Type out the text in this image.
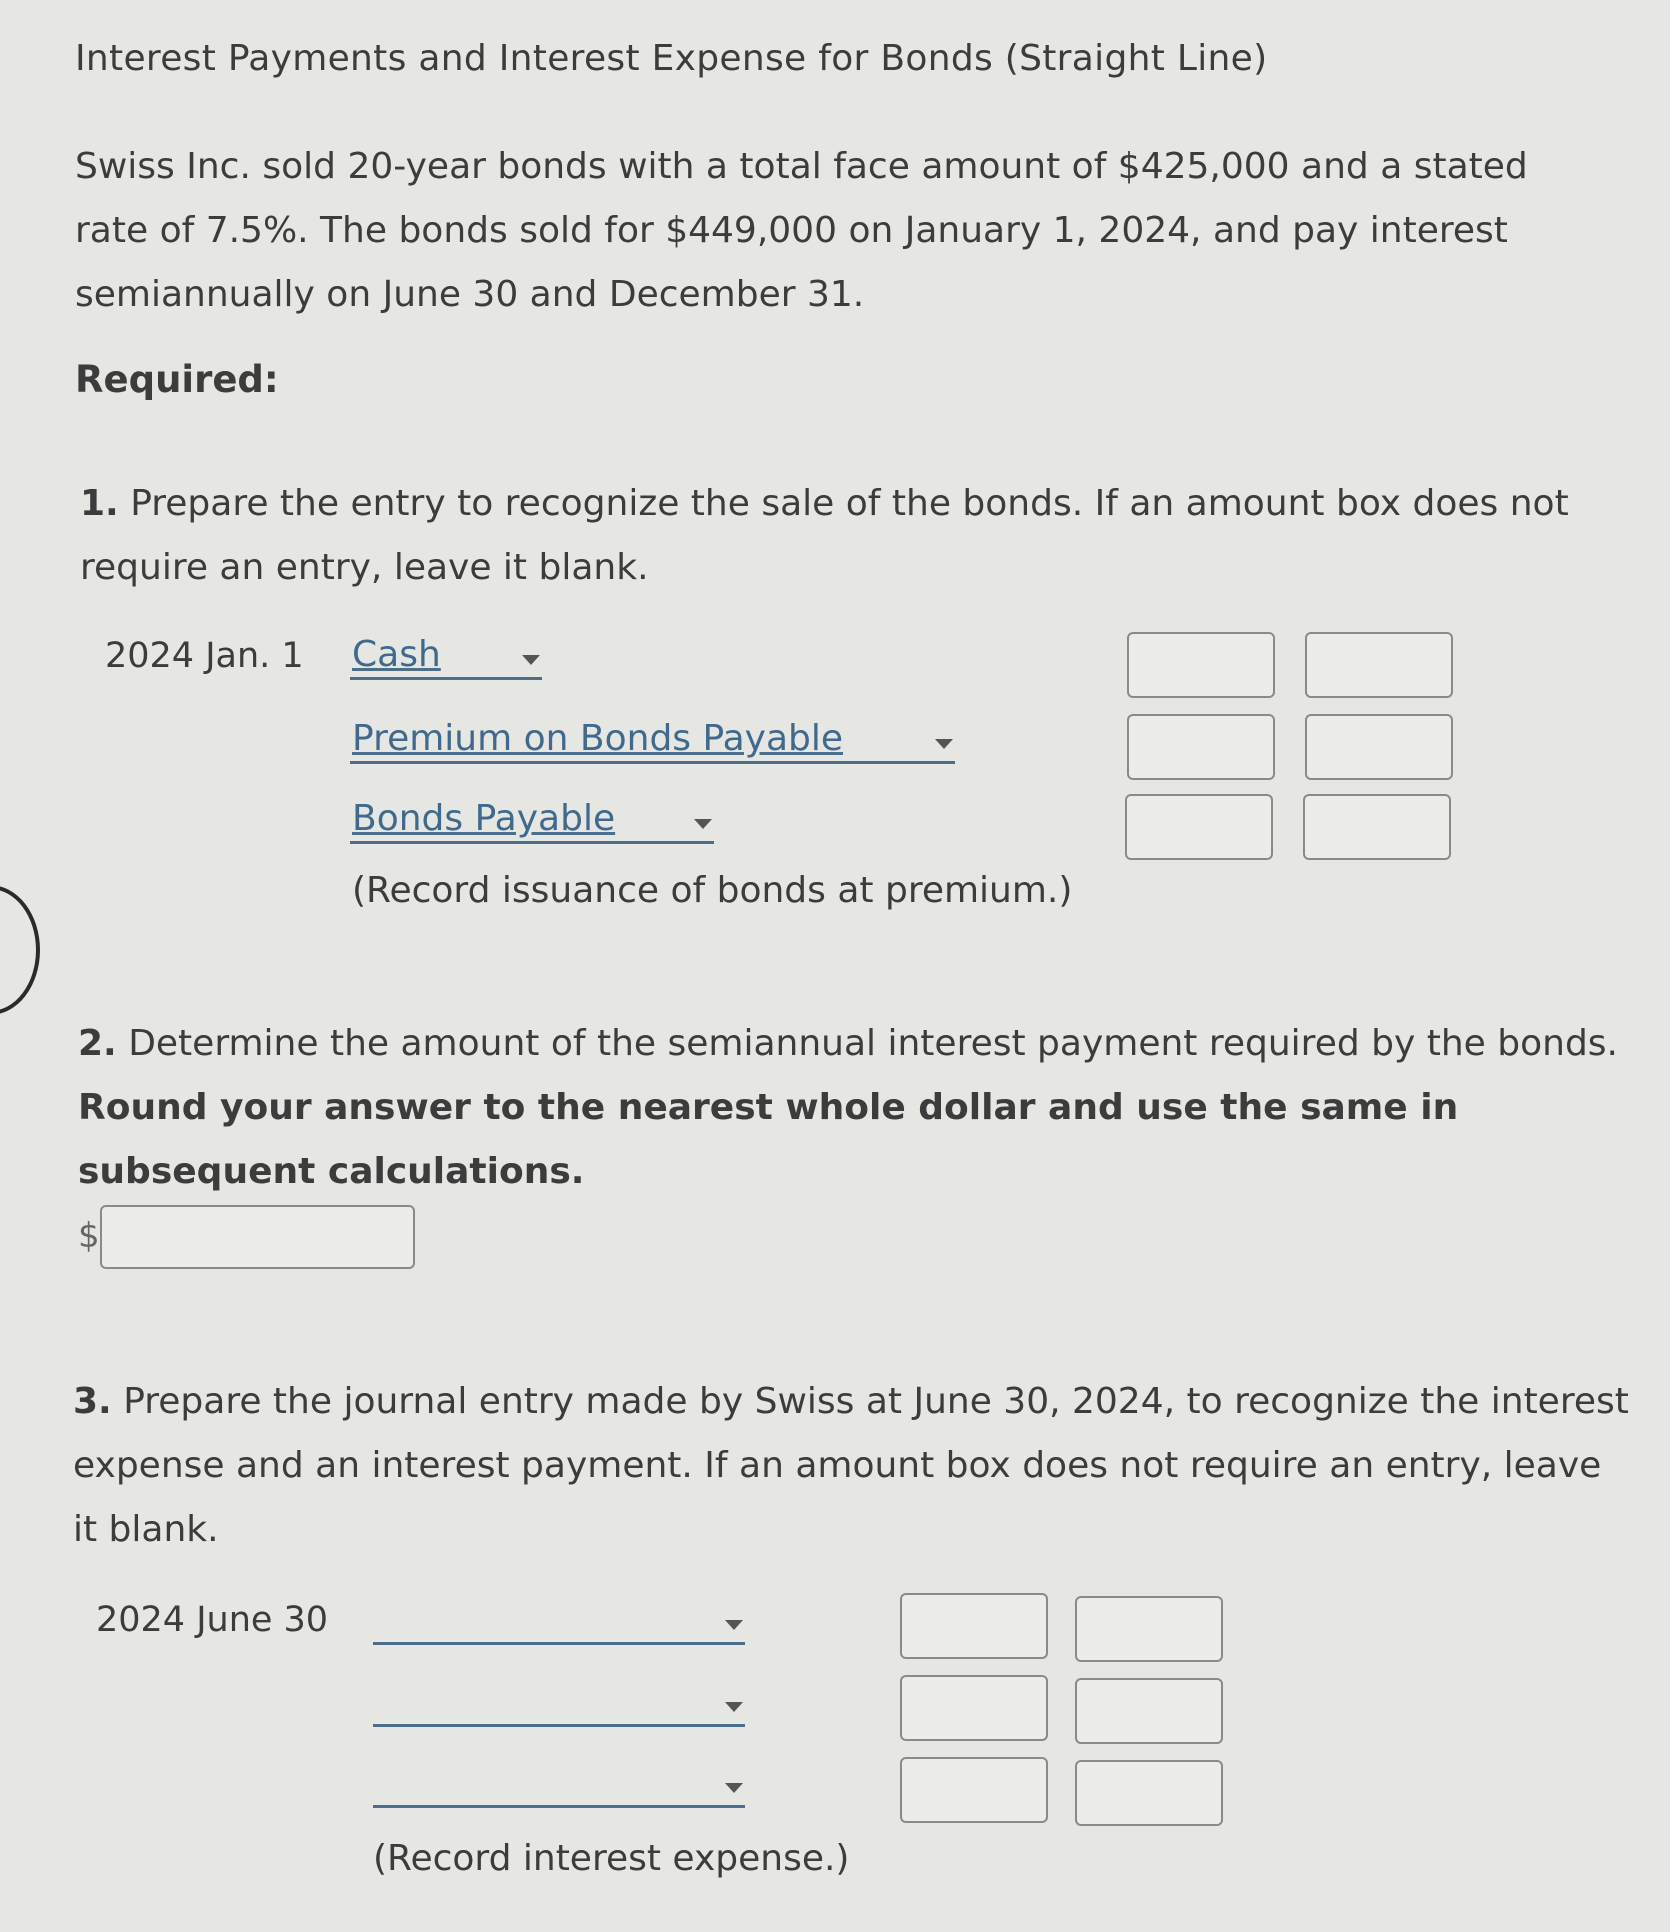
Interest Payments and Interest Expense for Bonds (Straight Line)
Swiss Inc. sold 20-year bonds with a total face amount of $425,000 and a stated rate of 7.5%. The bonds sold for $449,000 on January 1, 2024, and pay interest semiannually on June 30 and December 31.
Required:
1. Prepare the entry to recognize the sale of the bonds. If an amount box does not require an entry, leave it blank.
2024 Jan. 1 Cash
Premium on Bonds Payable
Bonds Payable
(Record issuance of bonds at premium.)
2. Determine the amount of the semiannual interest payment required by the bonds. Round your answer to the nearest whole dollar and use the same in subsequent calculations.
$
3. Prepare the journal entry made by Swiss at June 30, 2024, to recognize the interest expense and an interest payment. If an amount box does not require an entry, leave it blank.
2024 June 30
(Record interest expense.)
